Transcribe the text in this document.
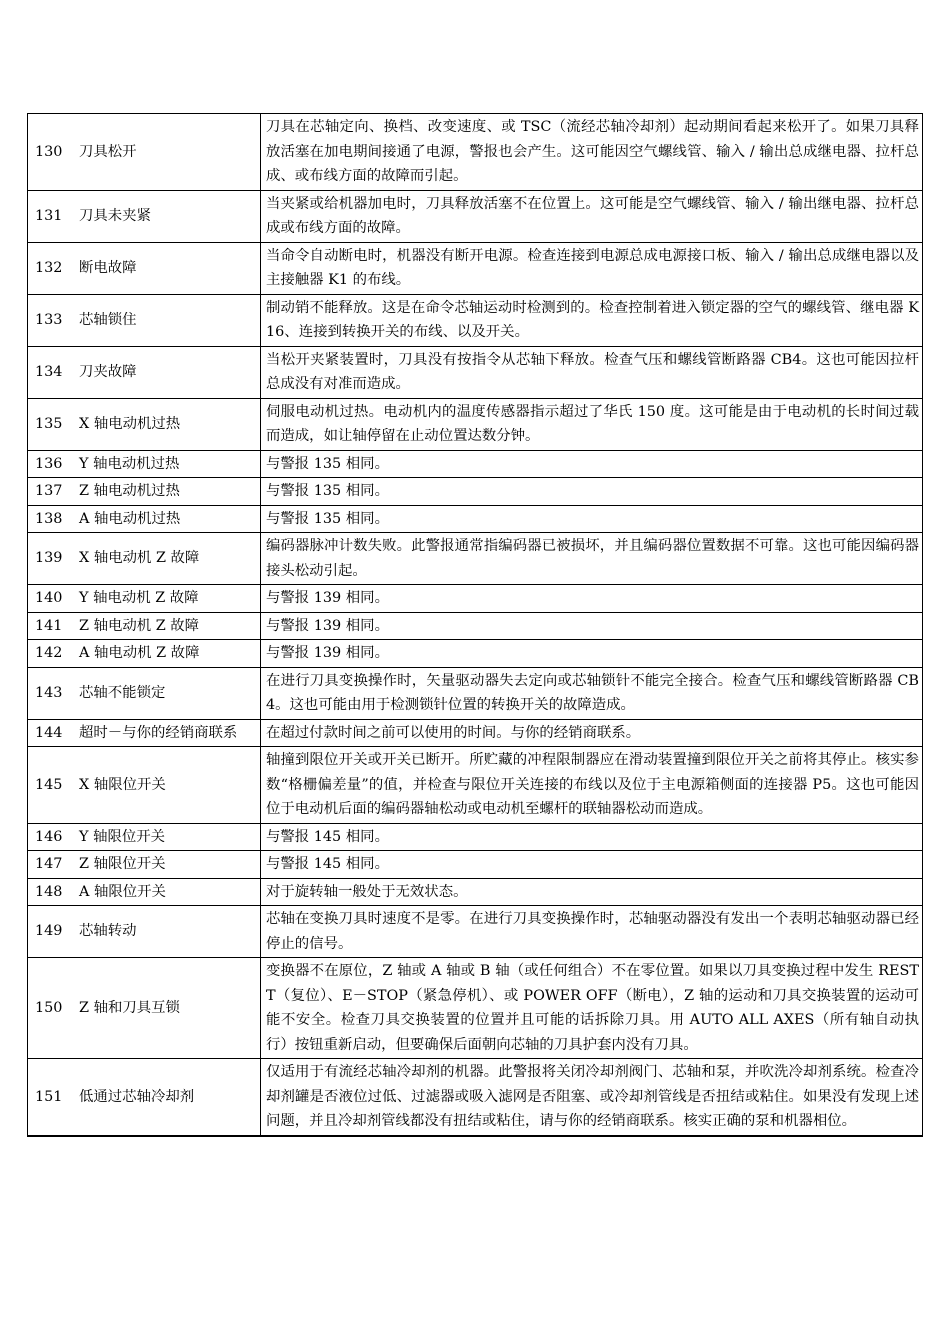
130 刀具松开	刀具在芯轴定向、换档、改变速度、或 TSC（流经芯轴冷却剂）起动期间看起来松开了。如果刀具释放活塞在加电期间接通了电源，警报也会产生。这可能因空气螺线管、输入 / 输出总成继电器、拉杆总成、或布线方面的故障而引起。
131 刀具未夹紧	当夹紧或给机器加电时，刀具释放活塞不在位置上。这可能是空气螺线管、输入 / 输出继电器、拉杆总成或布线方面的故障。
132 断电故障	当命令自动断电时，机器没有断开电源。检查连接到电源总成电源接口板、输入 / 输出总成继电器以及主接触器 K1 的布线。
133 芯轴锁住	制动销不能释放。这是在命令芯轴运动时检测到的。检查控制着进入锁定器的空气的螺线管、继电器 K16、连接到转换开关的布线、以及开关。
134 刀夹故障	当松开夹紧装置时，刀具没有按指令从芯轴下释放。检查气压和螺线管断路器 CB4。这也可能因拉杆总成没有对准而造成。
135 X 轴电动机过热	伺服电动机过热。电动机内的温度传感器指示超过了华氏 150 度。这可能是由于电动机的长时间过载而造成，如让轴停留在止动位置达数分钟。
136 Y 轴电动机过热	与警报 135 相同。
137 Z 轴电动机过热	与警报 135 相同。
138 A 轴电动机过热	与警报 135 相同。
139 X 轴电动机 Z 故障	编码器脉冲计数失败。此警报通常指编码器已被损坏，并且编码器位置数据不可靠。这也可能因编码器接头松动引起。
140 Y 轴电动机 Z 故障	与警报 139 相同。
141 Z 轴电动机 Z 故障	与警报 139 相同。
142 A 轴电动机 Z 故障	与警报 139 相同。
143 芯轴不能锁定	在进行刀具变换操作时，矢量驱动器失去定向或芯轴锁针不能完全接合。检查气压和螺线管断路器 CB4。这也可能由用于检测锁针位置的转换开关的故障造成。
144 超时－与你的经销商联系	在超过付款时间之前可以使用的时间。与你的经销商联系。
145 X 轴限位开关	轴撞到限位开关或开关已断开。所贮藏的冲程限制器应在滑动装置撞到限位开关之前将其停止。核实参数“格栅偏差量”的值，并检查与限位开关连接的布线以及位于主电源箱侧面的连接器 P5。这也可能因位于电动机后面的编码器轴松动或电动机至螺杆的联轴器松动而造成。
146 Y 轴限位开关	与警报 145 相同。
147 Z 轴限位开关	与警报 145 相同。
148 A 轴限位开关	对于旋转轴一般处于无效状态。
149 芯轴转动	芯轴在变换刀具时速度不是零。在进行刀具变换操作时，芯轴驱动器没有发出一个表明芯轴驱动器已经停止的信号。
150 Z 轴和刀具互锁	变换器不在原位，Z 轴或 A 轴或 B 轴（或任何组合）不在零位置。如果以刀具变换过程中发生 RESTT（复位）、E－STOP（紧急停机）、或 POWER OFF（断电），Z 轴的运动和刀具交换装置的运动可能不安全。检查刀具交换装置的位置并且可能的话拆除刀具。用 AUTO ALL AXES（所有轴自动执行）按钮重新启动，但要确保后面朝向芯轴的刀具护套内没有刀具。
151 低通过芯轴冷却剂	仅适用于有流经芯轴冷却剂的机器。此警报将关闭冷却剂阀门、芯轴和泵，并吹洗冷却剂系统。检查冷却剂罐是否液位过低、过滤器或吸入滤网是否阻塞、或冷却剂管线是否扭结或粘住。如果没有发现上述问题，并且冷却剂管线都没有扭结或粘住，请与你的经销商联系。核实正确的泵和机器相位。
